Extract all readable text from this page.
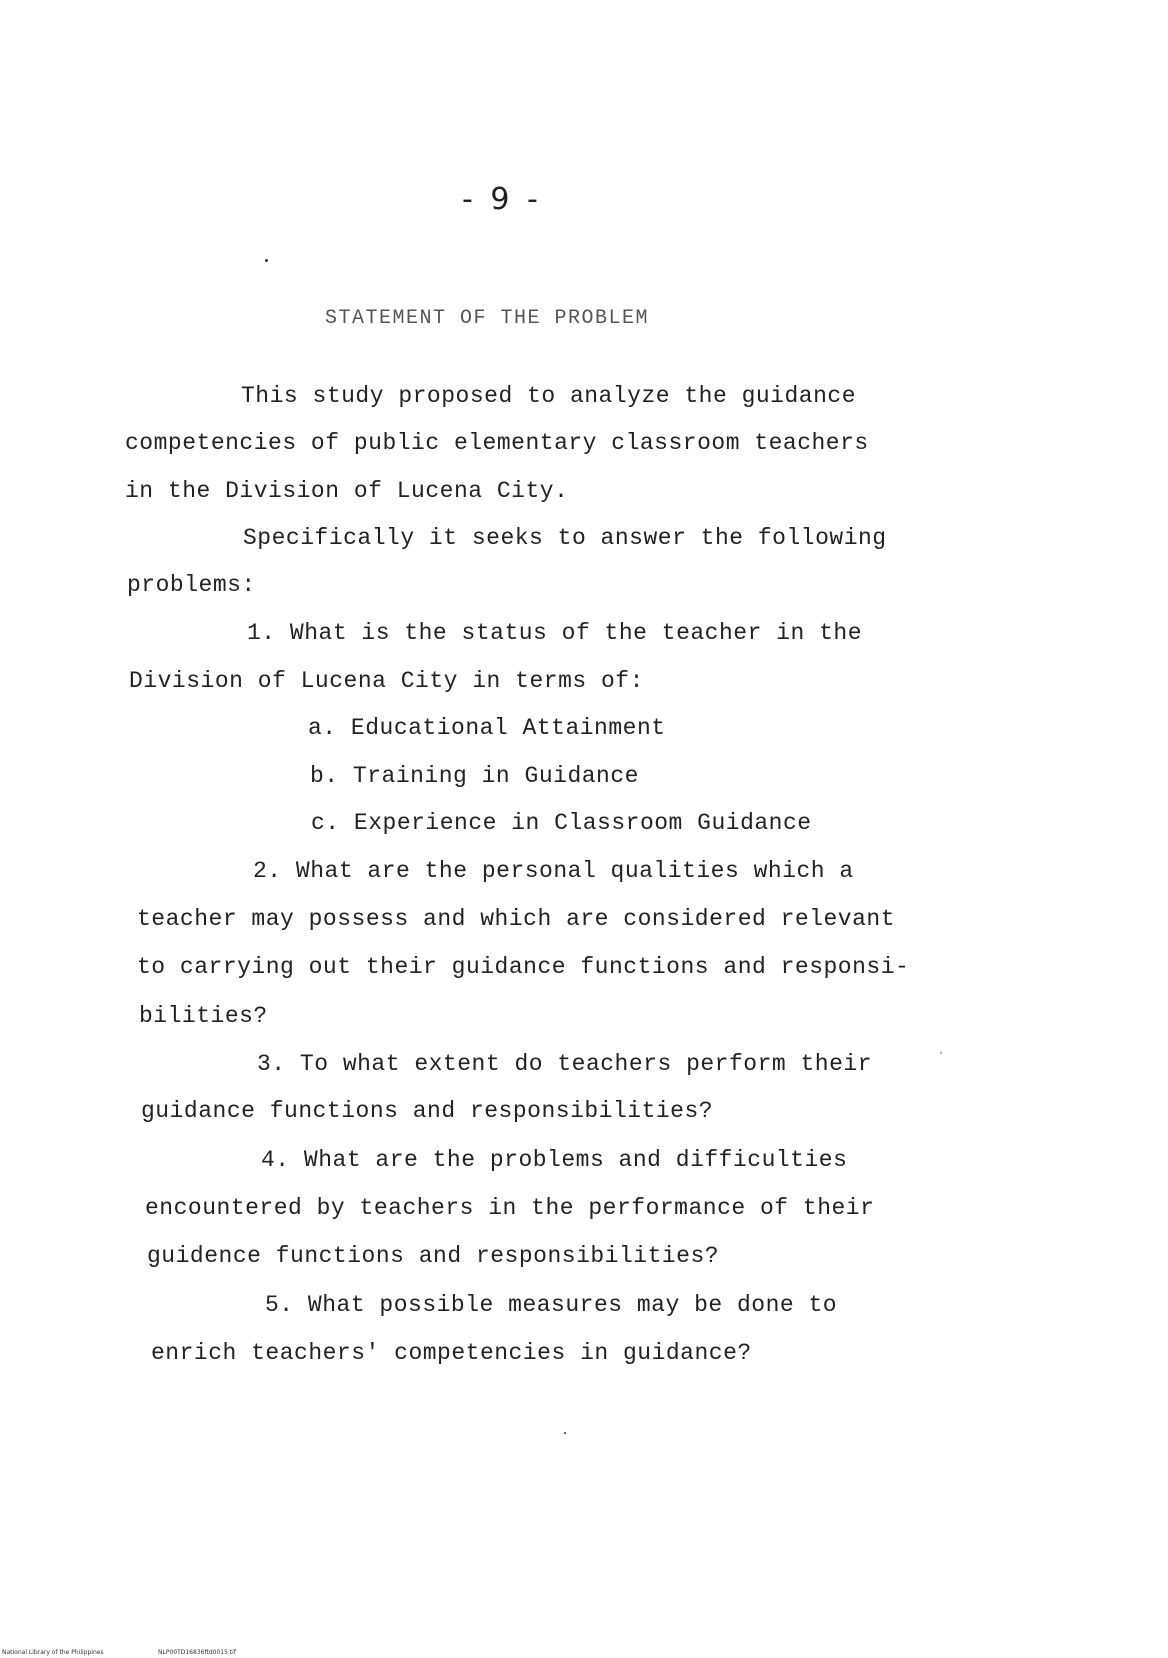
- 9 -
STATEMENT OF THE PROBLEM
This study proposed to analyze the guidance
competencies of public elementary classroom teachers
in the Division of Lucena City.
Specifically it seeks to answer the following
problems:
1. What is the status of the teacher in the
Division of Lucena City in terms of:
a. Educational Attainment
b. Training in Guidance
c. Experience in Classroom Guidance
2. What are the personal qualities which a
teacher may possess and which are considered relevant
to carrying out their guidance functions and responsi-
bilities?
3. To what extent do teachers perform their
guidance functions and responsibilities?
4. What are the problems and difficulties
encountered by teachers in the performance of their
guidence functions and responsibilities?
5. What possible measures may be done to
enrich teachers' competencies in guidance?
National Library of the Philippines	NLP00TD16836ftd0015.tif
